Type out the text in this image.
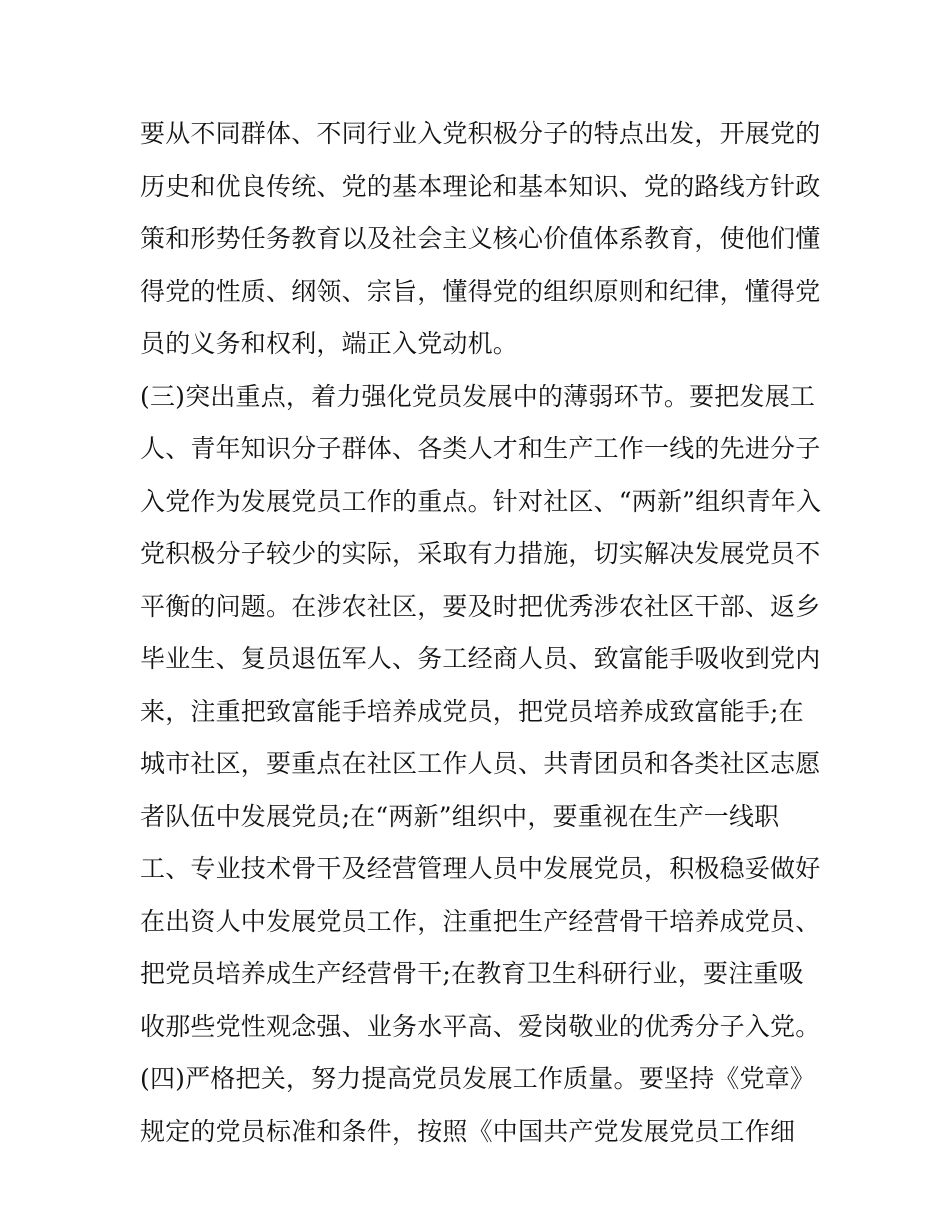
要从不同群体、不同行业入党积极分子的特点出发，开展党的
历史和优良传统、党的基本理论和基本知识、党的路线方针政
策和形势任务教育以及社会主义核心价值体系教育，使他们懂
得党的性质、纲领、宗旨，懂得党的组织原则和纪律，懂得党
员的义务和权利，端正入党动机。
(三)突出重点，着力强化党员发展中的薄弱环节。要把发展工
人、青年知识分子群体、各类人才和生产工作一线的先进分子
入党作为发展党员工作的重点。针对社区、“两新”组织青年入
党积极分子较少的实际，采取有力措施，切实解决发展党员不
平衡的问题。在涉农社区，要及时把优秀涉农社区干部、返乡
毕业生、复员退伍军人、务工经商人员、致富能手吸收到党内
来，注重把致富能手培养成党员，把党员培养成致富能手;在
城市社区，要重点在社区工作人员、共青团员和各类社区志愿
者队伍中发展党员;在“两新”组织中，要重视在生产一线职
工、专业技术骨干及经营管理人员中发展党员，积极稳妥做好
在出资人中发展党员工作，注重把生产经营骨干培养成党员、
把党员培养成生产经营骨干;在教育卫生科研行业，要注重吸
收那些党性观念强、业务水平高、爱岗敬业的优秀分子入党。
(四)严格把关，努力提高党员发展工作质量。要坚持《党章》
规定的党员标准和条件，按照《中国共产党发展党员工作细
